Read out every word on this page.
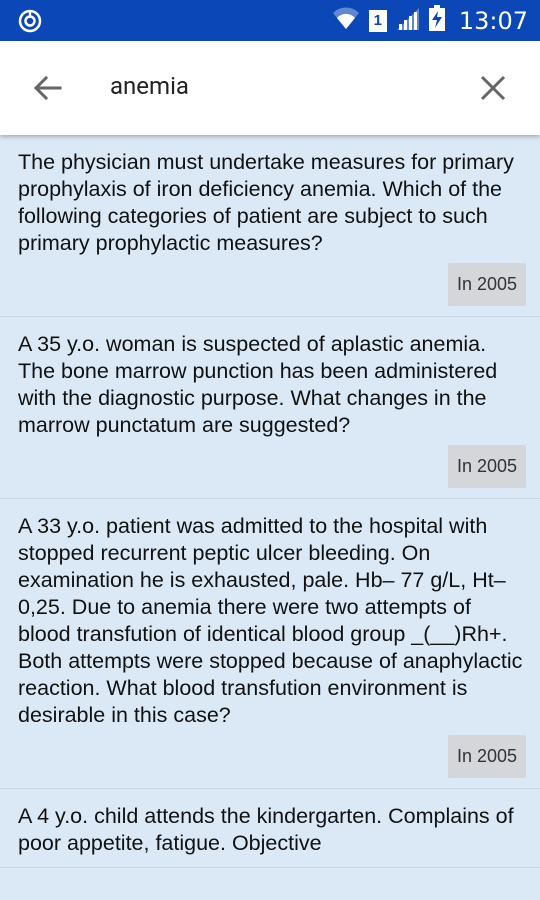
1	13:07
anemia

The physician must undertake measures for primary prophylaxis of iron deficiency anemia. Which of the following categories of patient are subject to such primary prophylactic measures?

In 2005

A 35 y.o. woman is suspected of aplastic anemia. The bone marrow punction has been administered with the diagnostic purpose. What changes in the marrow punctatum are suggested?

In 2005

A 33 y.o. patient was admitted to the hospital with stopped recurrent peptic ulcer bleeding. On examination he is exhausted, pale. Hb– 77 g/L, Ht– 0,25. Due to anemia there were two attempts of blood transfution of identical blood group _(__)Rh+. Both attempts were stopped because of anaphylactic reaction. What blood transfution environment is desirable in this case?

In 2005

A 4 y.o. child attends the kindergarten. Complains of poor appetite, fatigue. Objective
